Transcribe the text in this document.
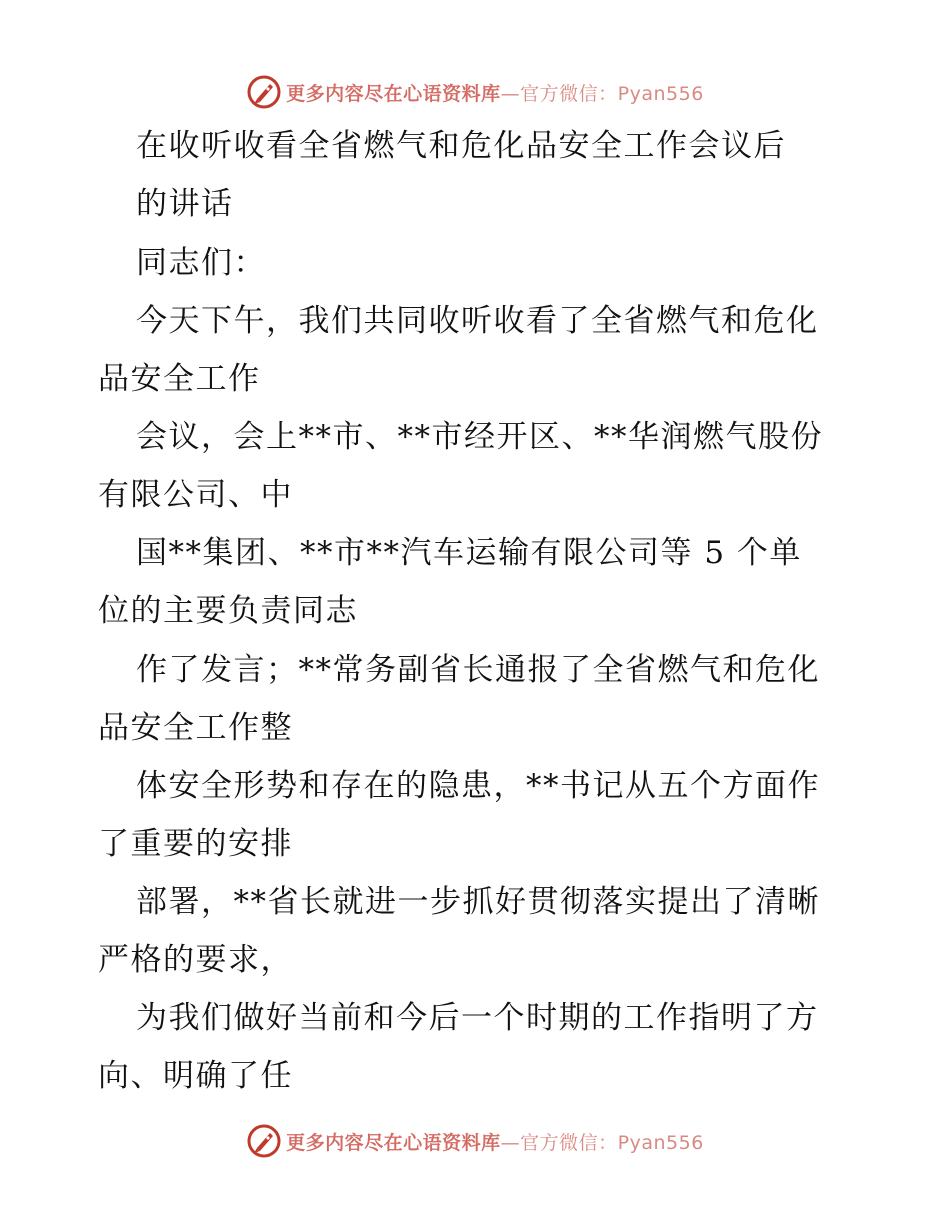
更多内容尽在心语资料库—官方微信：Pyan556
在收听收看全省燃气和危化品安全工作会议后
的讲话
同志们：
今天下午，我们共同收听收看了全省燃气和危化
品安全工作
会议，会上**市、**市经开区、**华润燃气股份
有限公司、中
国**集团、**市**汽车运输有限公司等 5 个单
位的主要负责同志
作了发言；**常务副省长通报了全省燃气和危化
品安全工作整
体安全形势和存在的隐患，**书记从五个方面作
了重要的安排
部署，**省长就进一步抓好贯彻落实提出了清晰
严格的要求，
为我们做好当前和今后一个时期的工作指明了方
向、明确了任
更多内容尽在心语资料库—官方微信：Pyan556
